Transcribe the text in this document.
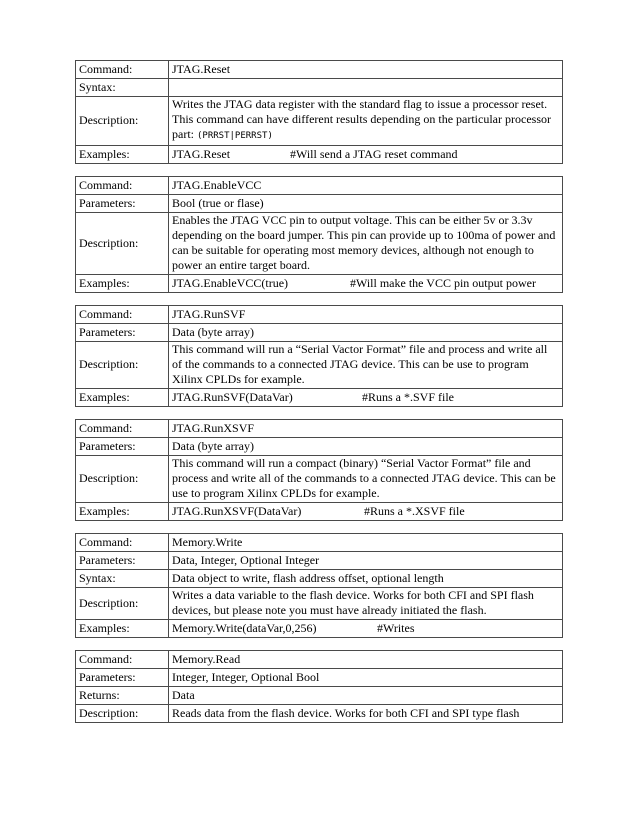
Command:	JTAG.Reset
Syntax:	
Description:	Writes the JTAG data register with the standard flag to issue a processor reset. This command can have different results depending on the particular processor part: (PRRST|PERRST)
Examples:	JTAG.Reset #Will send a JTAG reset command
Command:	JTAG.EnableVCC
Parameters:	Bool (true or flase)
Description:	Enables the JTAG VCC pin to output voltage. This can be either 5v or 3.3v depending on the board jumper. This pin can provide up to 100ma of power and can be suitable for operating most memory devices, although not enough to power an entire target board.
Examples:	JTAG.EnableVCC(true) #Will make the VCC pin output power
Command:	JTAG.RunSVF
Parameters:	Data (byte array)
Description:	This command will run a “Serial Vactor Format” file and process and write all of the commands to a connected JTAG device. This can be use to program Xilinx CPLDs for example.
Examples:	JTAG.RunSVF(DataVar) #Runs a *.SVF file
Command:	JTAG.RunXSVF
Parameters:	Data (byte array)
Description:	This command will run a compact (binary) “Serial Vactor Format” file and process and write all of the commands to a connected JTAG device. This can be use to program Xilinx CPLDs for example.
Examples:	JTAG.RunXSVF(DataVar) #Runs a *.XSVF file
Command:	Memory.Write
Parameters:	Data, Integer, Optional Integer
Syntax:	Data object to write, flash address offset, optional length
Description:	Writes a data variable to the flash device. Works for both CFI and SPI flash devices, but please note you must have already initiated the flash.
Examples:	Memory.Write(dataVar,0,256) #Writes
Command:	Memory.Read
Parameters:	Integer, Integer, Optional Bool
Returns:	Data
Description:	Reads data from the flash device. Works for both CFI and SPI type flash
